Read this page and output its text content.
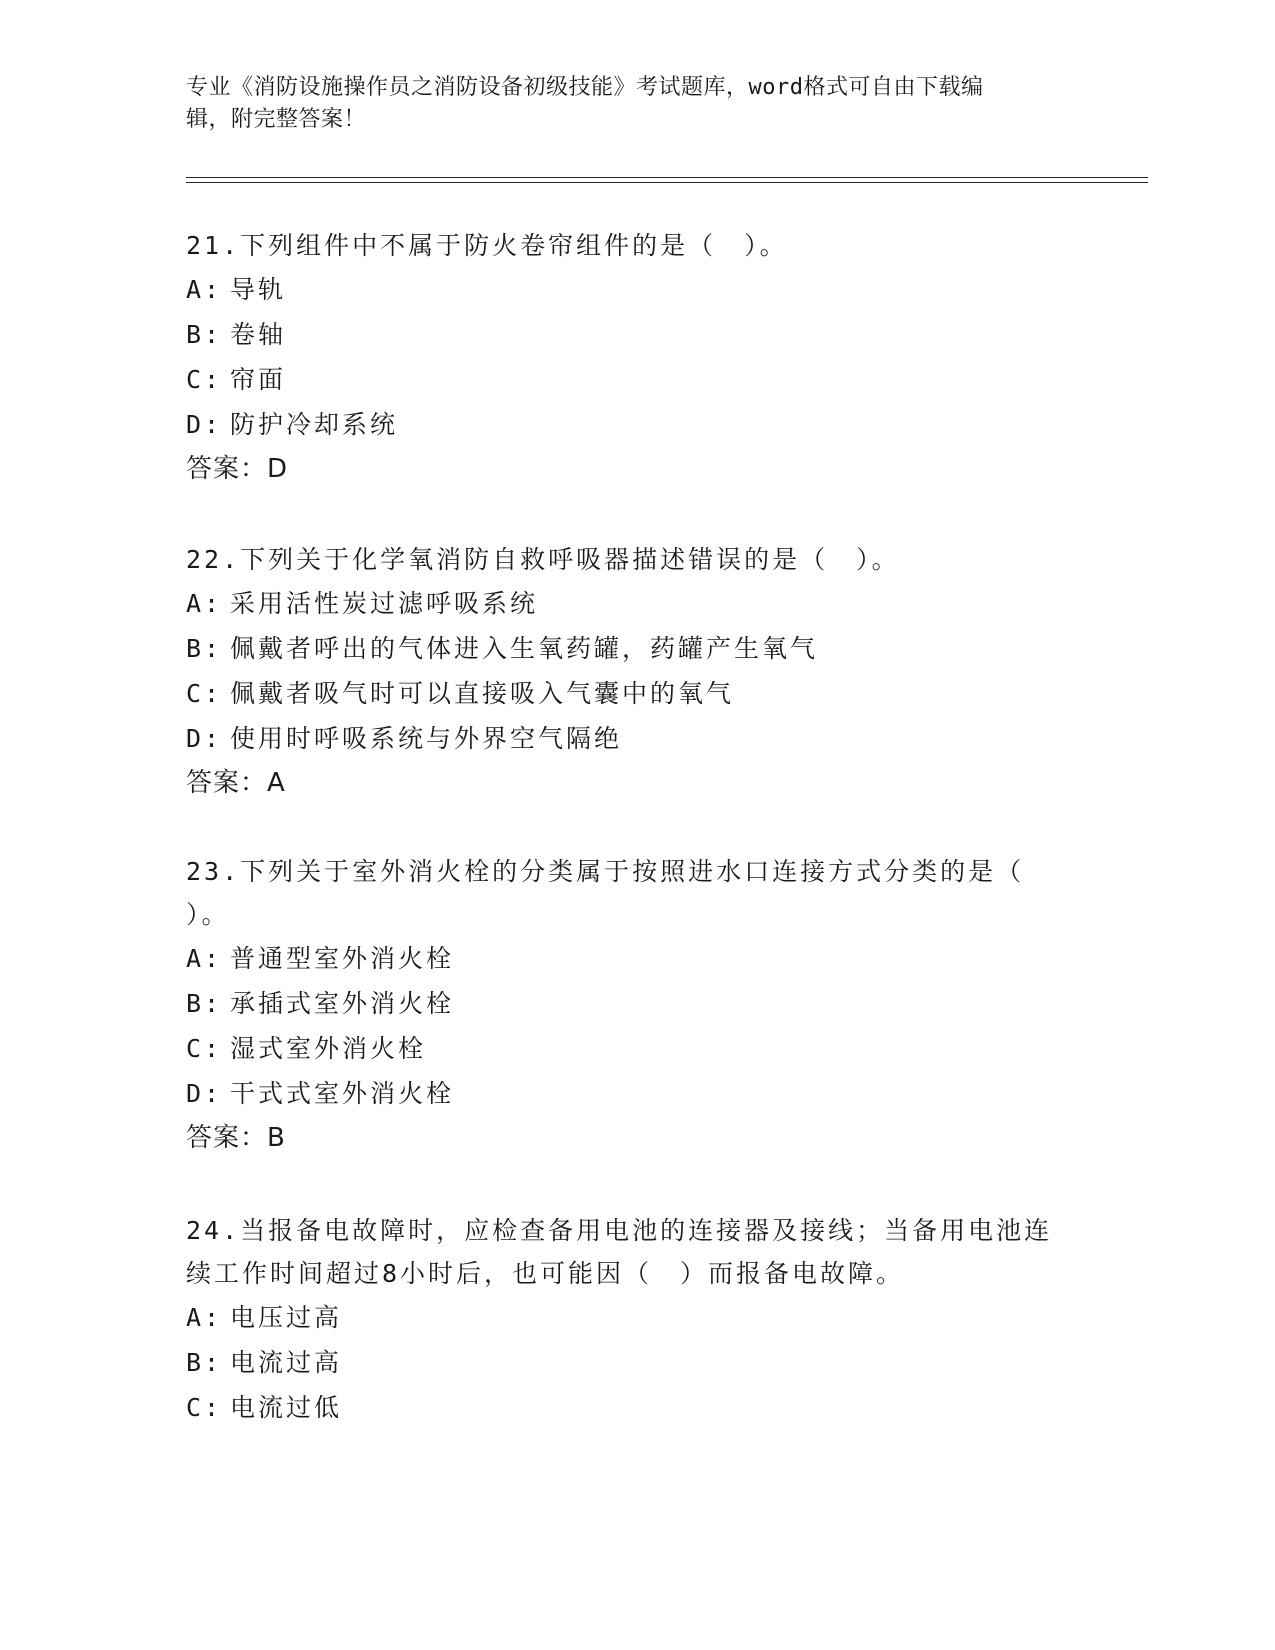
专业《消防设施操作员之消防设备初级技能》考试题库，word格式可自由下载编
辑，附完整答案！

21.下列组件中不属于防火卷帘组件的是（　）。

A: 导轨

B: 卷轴

C: 帘面

D: 防护冷却系统

答案：D

22.下列关于化学氧消防自救呼吸器描述错误的是（　）。

A: 采用活性炭过滤呼吸系统

B: 佩戴者呼出的气体进入生氧药罐，药罐产生氧气

C: 佩戴者吸气时可以直接吸入气囊中的氧气

D: 使用时呼吸系统与外界空气隔绝

答案：A

23.下列关于室外消火栓的分类属于按照进水口连接方式分类的是（

）。

A: 普通型室外消火栓

B: 承插式室外消火栓

C: 湿式室外消火栓

D: 干式式室外消火栓

答案：B

24.当报备电故障时，应检查备用电池的连接器及接线；当备用电池连

续工作时间超过8小时后，也可能因（　）而报备电故障。

A: 电压过高

B: 电流过高

C: 电流过低
